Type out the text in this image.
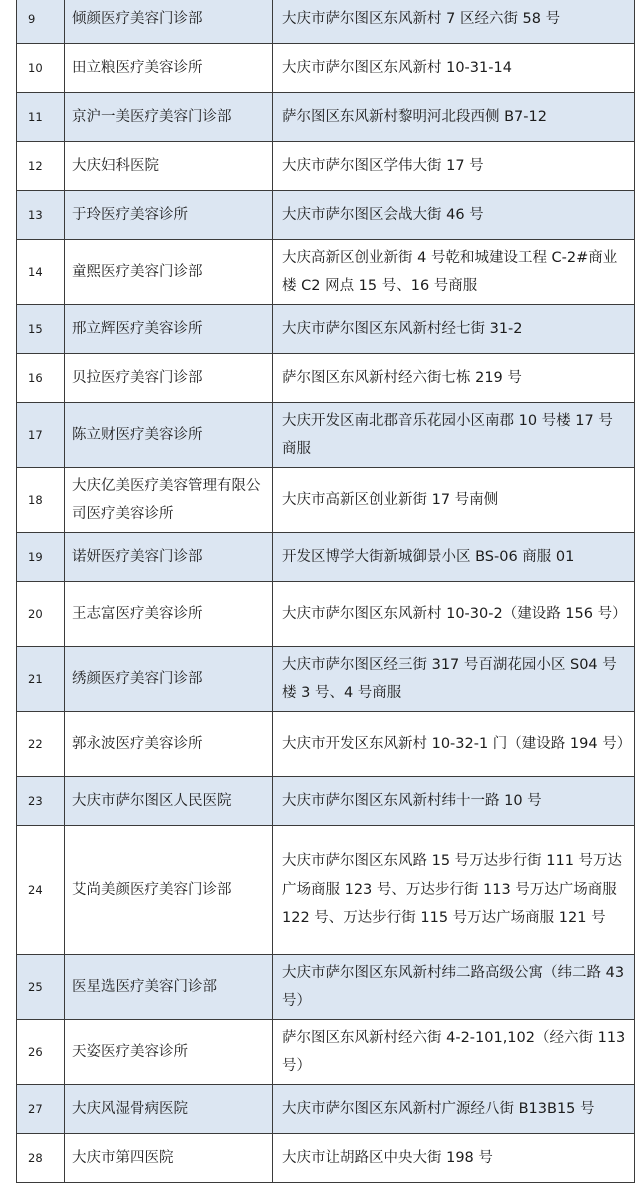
9	倾颜医疗美容门诊部	大庆市萨尔图区东风新村 7 区经六街 58 号
10	田立粮医疗美容诊所	大庆市萨尔图区东风新村 10-31-14
11	京沪一美医疗美容门诊部	萨尔图区东风新村黎明河北段西侧 B7-12
12	大庆妇科医院	大庆市萨尔图区学伟大街 17 号
13	于玲医疗美容诊所	大庆市萨尔图区会战大街 46 号
14	童熙医疗美容门诊部	大庆高新区创业新街 4 号乾和城建设工程 C-2#商业楼 C2 网点 15 号、16 号商服
15	邢立辉医疗美容诊所	大庆市萨尔图区东风新村经七街 31-2
16	贝拉医疗美容门诊部	萨尔图区东风新村经六街七栋 219 号
17	陈立财医疗美容诊所	大庆开发区南北郡音乐花园小区南郡 10 号楼 17 号商服
18	大庆亿美医疗美容管理有限公司医疗美容诊所	大庆市高新区创业新街 17 号南侧
19	诺妍医疗美容门诊部	开发区博学大街新城御景小区 BS-06 商服 01
20	王志富医疗美容诊所	大庆市萨尔图区东风新村 10-30-2（建设路 156 号）
21	绣颜医疗美容门诊部	大庆市萨尔图区经三街 317 号百湖花园小区 S04 号楼 3 号、4 号商服
22	郭永波医疗美容诊所	大庆市开发区东风新村 10-32-1 门（建设路 194 号）
23	大庆市萨尔图区人民医院	大庆市萨尔图区东风新村纬十一路 10 号
24	艾尚美颜医疗美容门诊部	大庆市萨尔图区东风路 15 号万达步行街 111 号万达广场商服 123 号、万达步行街 113 号万达广场商服 122 号、万达步行街 115 号万达广场商服 121 号
25	医星选医疗美容门诊部	大庆市萨尔图区东风新村纬二路高级公寓（纬二路 43 号）
26	天姿医疗美容诊所	萨尔图区东风新村经六街 4-2-101,102（经六街 113 号）
27	大庆风湿骨病医院	大庆市萨尔图区东风新村广源经八街 B13B15 号
28	大庆市第四医院	大庆市让胡路区中央大街 198 号
